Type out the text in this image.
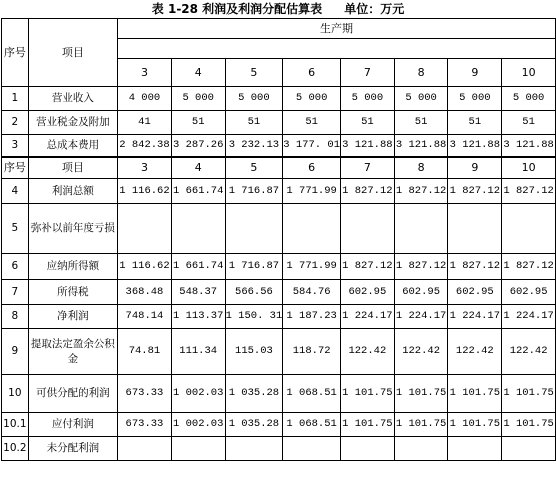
表 1-28 利润及利润分配估算表 单位：万元
序号	项目	生产期							

		3	4	5	6	7	8	9	10
1	营业收入	4 000	5 000	5 000	5 000	5 000	5 000	5 000	5 000
2	营业税金及附加	41	51	51	51	51	51	51	51
3	总成本费用	2 842.38	3 287.26	3 232.13	3 177. 01	3 121.88	3 121.88	3 121.88	3 121.88
序号	项目	3	4	5	6	7	8	9	10
4	利润总额	1 116.62	1 661.74	1 716.87	1 771.99	1 827.12	1 827.12	1 827.12	1 827.12
5	弥补以前年度亏损								
6	应纳所得额	1 116.62	1 661.74	1 716.87	1 771.99	1 827.12	1 827.12	1 827.12	1 827.12
7	所得税	368.48	548.37	566.56	584.76	602.95	602.95	602.95	602.95
8	净利润	748.14	1 113.37	1 150. 31	1 187.23	1 224.17	1 224.17	1 224.17	1 224.17
9	提取法定盈余公积金	74.81	111.34	115.03	118.72	122.42	122.42	122.42	122.42
10	可供分配的利润	673.33	1 002.03	1 035.28	1 068.51	1 101.75	1 101.75	1 101.75	1 101.75
10.1	应付利润	673.33	1 002.03	1 035.28	1 068.51	1 101.75	1 101.75	1 101.75	1 101.75
10.2	未分配利润								
